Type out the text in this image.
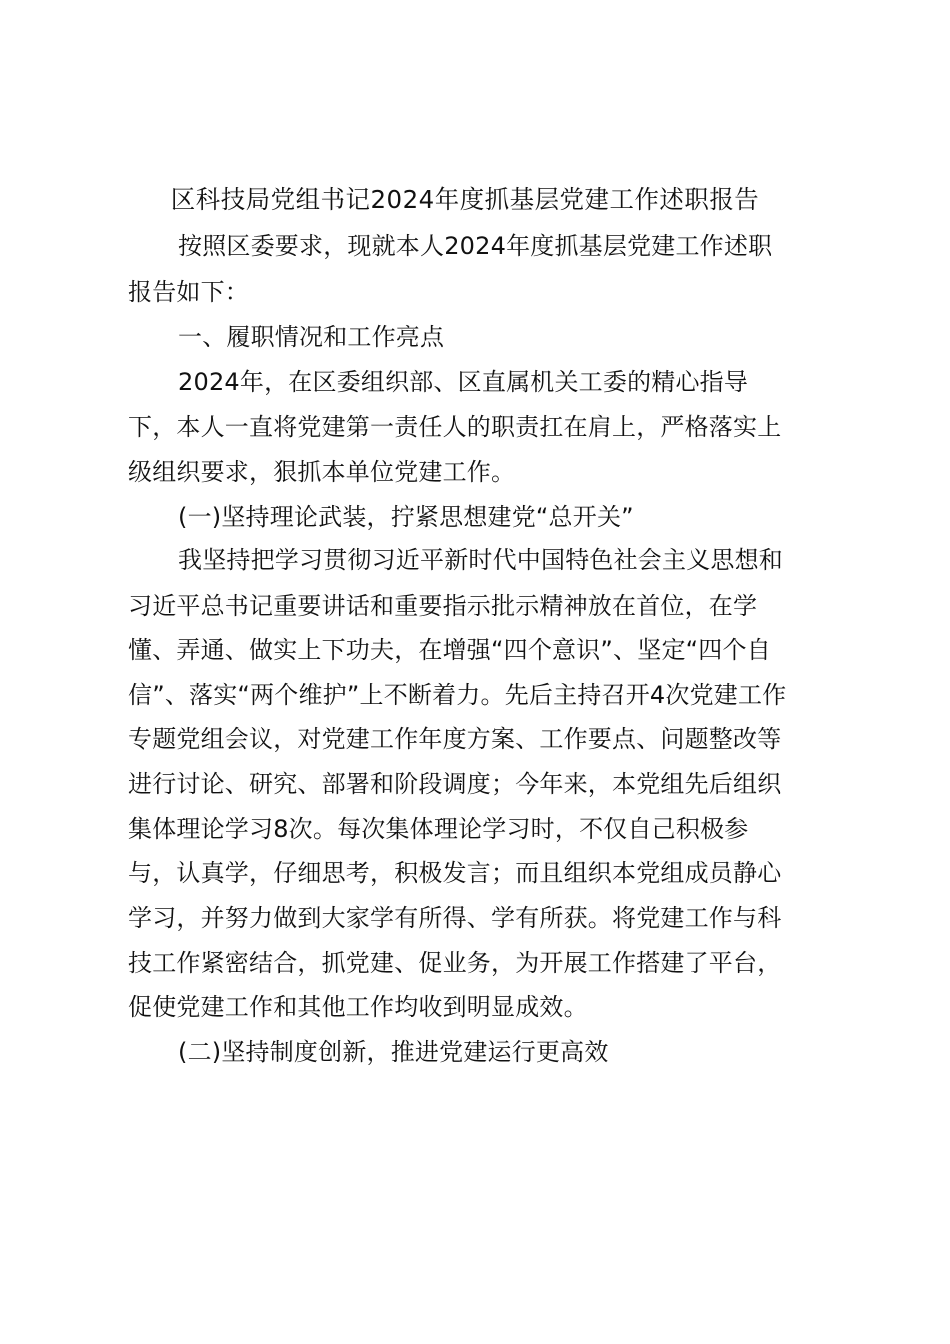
区科技局党组书记2024年度抓基层党建工作述职报告
按照区委要求，现就本人2024年度抓基层党建工作述职
报告如下：
一、履职情况和工作亮点
2024年，在区委组织部、区直属机关工委的精心指导
下，本人一直将党建第一责任人的职责扛在肩上，严格落实上
级组织要求，狠抓本单位党建工作。
(一)坚持理论武装，拧紧思想建党“总开关”
我坚持把学习贯彻习近平新时代中国特色社会主义思想和
习近平总书记重要讲话和重要指示批示精神放在首位，在学
懂、弄通、做实上下功夫，在增强“四个意识”、坚定“四个自
信”、落实“两个维护”上不断着力。先后主持召开4次党建工作
专题党组会议，对党建工作年度方案、工作要点、问题整改等
进行讨论、研究、部署和阶段调度；今年来，本党组先后组织
集体理论学习8次。每次集体理论学习时，不仅自己积极参
与，认真学，仔细思考，积极发言；而且组织本党组成员静心
学习，并努力做到大家学有所得、学有所获。将党建工作与科
技工作紧密结合，抓党建、促业务，为开展工作搭建了平台，
促使党建工作和其他工作均收到明显成效。
(二)坚持制度创新，推进党建运行更高效
